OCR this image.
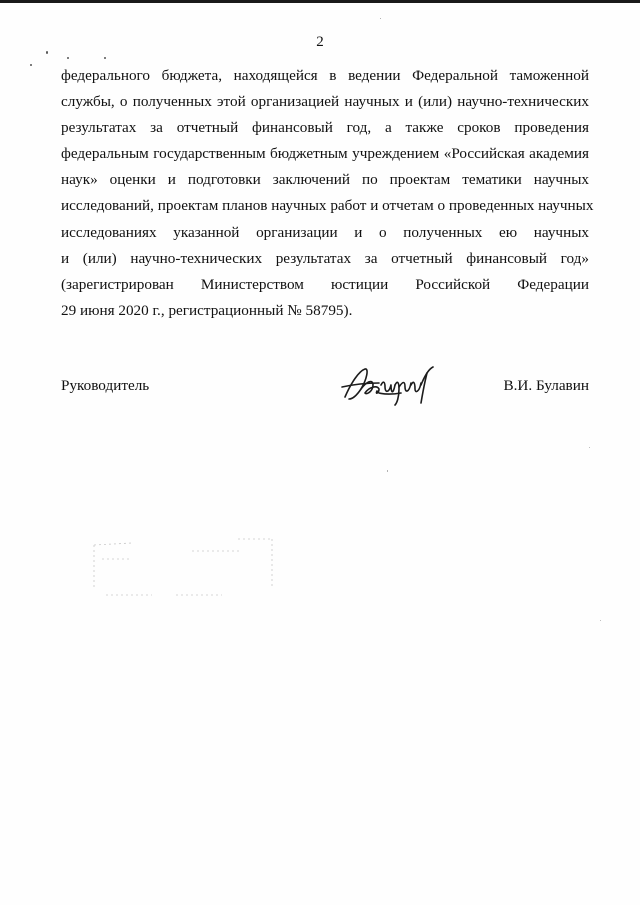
2
федерального бюджета, находящейся в ведении Федеральной таможенной
службы, о полученных этой организацией научных и (или) научно-технических
результатах за отчетный финансовый год, а также сроков проведения
федеральным государственным бюджетным учреждением «Российская академия
наук» оценки и подготовки заключений по проектам тематики научных
исследований, проектам планов научных работ и отчетам о проведенных научных
исследованиях указанной организации и о полученных ею научных
и (или) научно-технических результатах за отчетный финансовый год»
(зарегистрирован Министерством юстиции Российской Федерации
29 июня 2020 г., регистрационный № 58795).
Руководитель	В.И. Булавин
